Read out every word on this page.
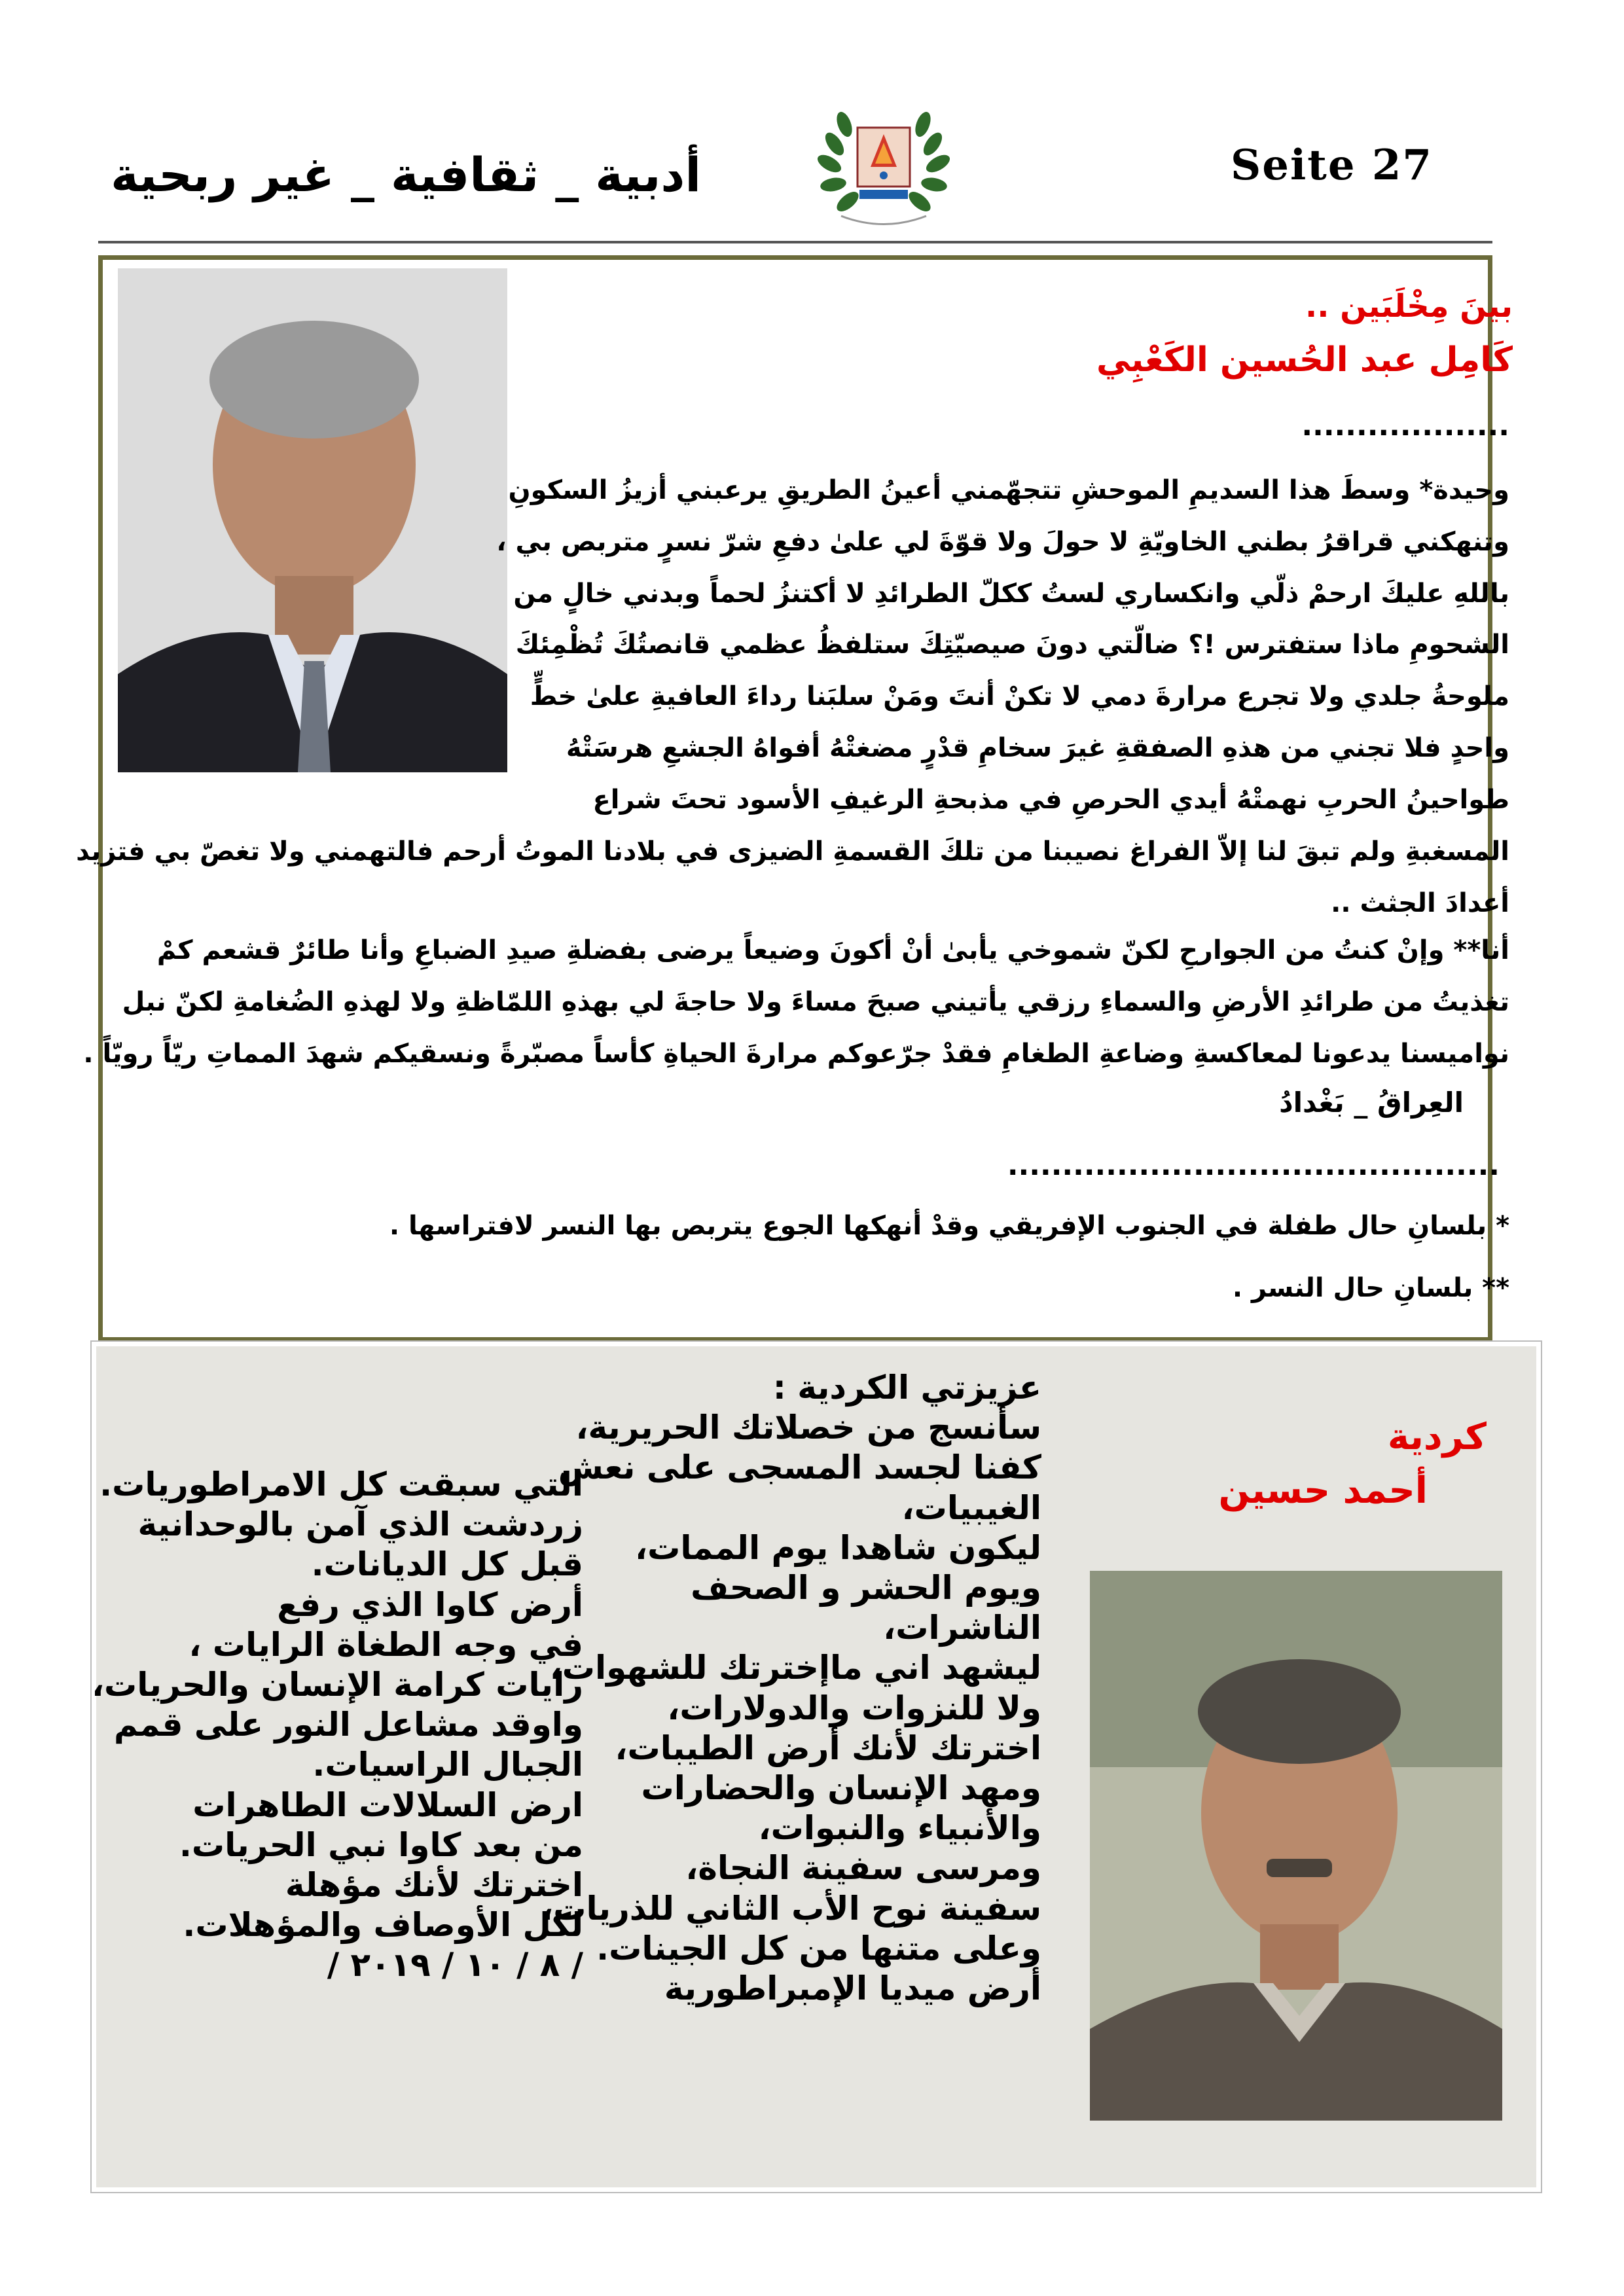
Seite 27
أدبية _ ثقافية _ غير ربحية
بينَ مِخْلَبَين ..
كَامِل عبد الحُسين الكَعْبِي
...................
وحيدة* وسطَ هذا السديمِ الموحشِ تتجهّمني أعينُ الطريقِ يرعبني أزيزُ السكونِ
وتنهكني قراقرُ بطني الخاويّةِ لا حولَ ولا قوّةَ لي علىٰ دفعِ شرّ نسرٍ متربص بي ،
باللهِ عليكَ ارحمْ ذلّي وانكساري لستُ ككلّ الطرائدِ لا أكتنزُ لحماً وبدني خالٍ من
الشحومِ ماذا ستفترس !؟ ضالّتي دونَ صيصيّتِكَ ستلفظُ عظمي قانصتُكَ تُظْمِئكَ
ملوحةُ جلدي ولا تجرع مرارةَ دمي لا تكنْ أنتَ ومَنْ سلبَنا رداءَ العافيةِ علىٰ خطٍّ
واحدٍ فلا تجني من هذهِ الصفقةِ غيرَ سخامِ قدْرٍ مضغتْهُ أفواهُ الجشعِ هرسَتْهُ
طواحينُ الحربِ نهمتْهُ أيدي الحرصِ في مذبحةِ الرغيفِ الأسود تحتَ شراع
المسغبةِ ولم تبقَ لنا إلاّ الفراغ نصيبنا من تلكَ القسمةِ الضيزى في بلادنا الموتُ أرحم فالتهمني ولا تغصّ بي فتزيد
أعدادَ الجثث ..
أنا** وإنْ كنتُ من الجوارحِ لكنّ شموخي يأبىٰ أنْ أكونَ وضيعاً يرضى بفضلةِ صيدِ الضباعِ وأنا طائرٌ قشعم كمْ
تغذيتُ من طرائدِ الأرضِ والسماءِ رزقي يأتيني صبحَ مساءَ ولا حاجةَ لي بهذهِ اللمّاظةِ ولا لهذهِ الضُغامةِ لكنّ نبل
نواميسنا يدعونا لمعاكسةِ وضاعةِ الطغامِ فقدْ جرّعوكم مرارةَ الحياةِ كأساً مصبّرةً ونسقيكم شهدَ المماتِ ريّاً رويّاً .
العِراقُ _ بَغْدادُ
.............................................
* بلسانِ حال طفلة في الجنوب الإفريقي وقدْ أنهكها الجوع يتربص بها النسر لافتراسها .
** بلسانِ حال النسر .
كردية
أحمد حسين
عزيزتي الكردية :
سأنسج من خصلاتك الحريرية،
كفنا لجسد المسجى على نعش
الغيبيات،
ليكون شاهدا يوم الممات،
ويوم الحشر و الصحف
الناشرات،
ليشهد اني ماإخترتك للشهوات،
ولا للنزوات والدولارات،
اخترتك لأنك أرض الطيبات،
ومهد الإنسان والحضارات
والأنبياء والنبوات،
ومرسى سفينة النجاة،
سفينة نوح الأب الثاني للذريات،
وعلى متنها من كل الجينات.
أرض ميديا الإمبراطورية
التي سبقت كل الامراطوريات.
زردشت الذي آمن بالوحدانية
قبل كل الديانات.
أرض كاوا الذي رفع
في وجه الطغاة الرايات ،
رايات كرامة الإنسان والحريات،
واوقد مشاعل النور على قمم
الجبال الراسيات.
ارض السلالات الطاهرات
من بعد كاوا نبي الحريات.
اخترتك لأنك مؤهلة
لكل الأوصاف والمؤهلات.
/ ٨ / ١٠ / ٢٠١٩ /
